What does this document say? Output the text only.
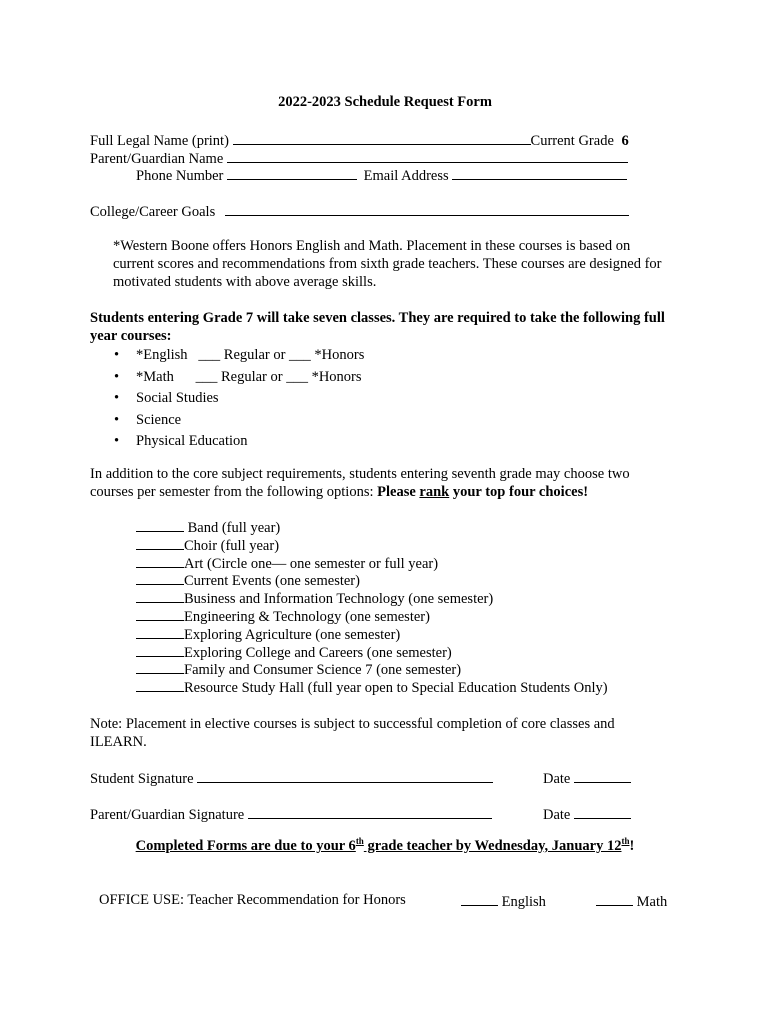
2022-2023 Schedule Request Form
Full Legal Name (print)	Current Grade 6
Parent/Guardian Name
Phone Number	Email Address
College/Career Goals
*Western Boone offers Honors English and Math. Placement in these courses is based on current scores and recommendations from sixth grade teachers. These courses are designed for motivated students with above average skills.
Students entering Grade 7 will take seven classes. They are required to take the following full year courses:
• *English   ___ Regular or ___ *Honors
• *Math      ___ Regular or ___ *Honors
• Social Studies
• Science
• Physical Education
In addition to the core subject requirements, students entering seventh grade may choose two courses per semester from the following options: Please rank your top four choices!
Band (full year)
Choir (full year)
Art (Circle one— one semester or full year)
Current Events (one semester)
Business and Information Technology (one semester)
Engineering & Technology (one semester)
Exploring Agriculture (one semester)
Exploring College and Careers (one semester)
Family and Consumer Science 7 (one semester)
Resource Study Hall (full year open to Special Education Students Only)
Note: Placement in elective courses is subject to successful completion of core classes and ILEARN.
Student Signature	Date
Parent/Guardian Signature	Date
Completed Forms are due to your 6th grade teacher by Wednesday, January 12th!
OFFICE USE: Teacher Recommendation for Honors	English	Math
